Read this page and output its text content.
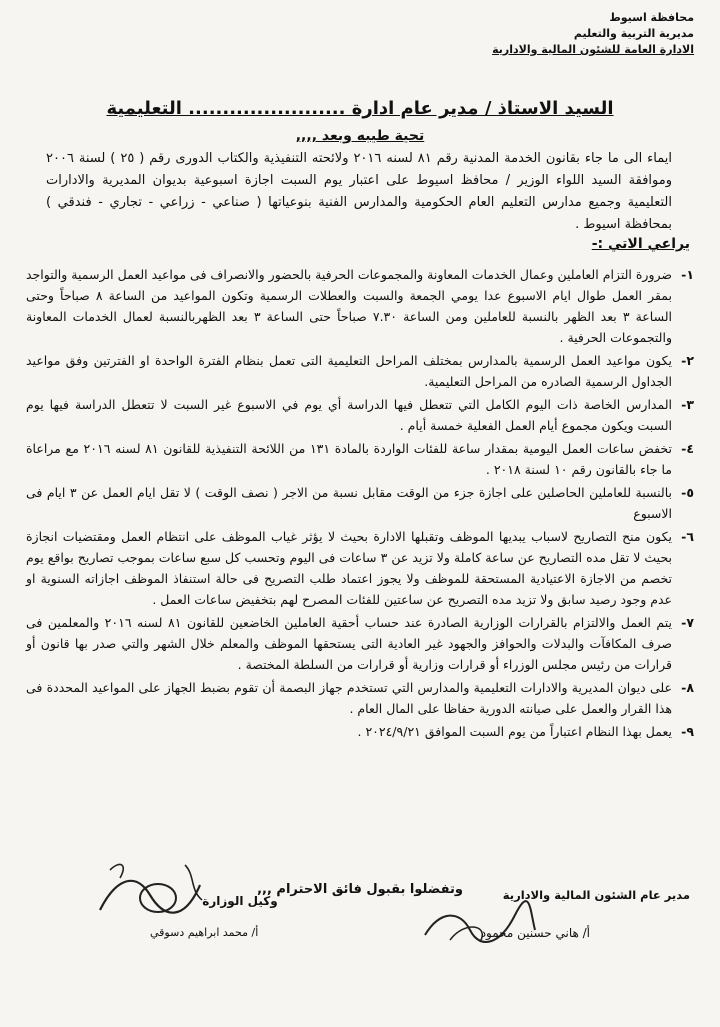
محافظة اسيوط
مديرية التربية والتعليم
الادارة العامة للشئون المالية والادارية
السيد الاستاذ / مدير عام ادارة ....................... التعليمية
تحية طيبه وبعد ,,,,
ايماء الى ما جاء بقانون الخدمة المدنية رقم ٨١ لسنه ٢٠١٦ ولائحته التنفيذية والكتاب الدورى رقم ( ٢٥ ) لسنة ٢٠٠٦ وموافقة السيد اللواء الوزير / محافظ اسيوط على اعتبار يوم السبت اجازة اسبوعية بديوان المديرية والادارات التعليمية وجميع مدارس التعليم العام الحكومية والمدارس الفنية بنوعياتها ( صناعي - زراعي - تجاري - فندقي ) بمحافظة اسيوط .
يراعي الاتي :-
١-
ضرورة التزام العاملين وعمال الخدمات المعاونة والمجموعات الحرفية بالحضور والانصراف فى مواعيد العمل الرسمية والتواجد بمقر العمل طوال ايام الاسبوع عدا يومي الجمعة والسبت والعطلات الرسمية وتكون المواعيد من الساعة ٨ صباحاً وحتى الساعة ٣ بعد الظهر بالنسبة للعاملين ومن الساعة ٧.٣٠ صباحاً حتى الساعة ٣ بعد الظهربالنسبة لعمال الخدمات المعاونة والتجموعات الحرفية .
٢-
يكون مواعيد العمل الرسمية بالمدارس بمختلف المراحل التعليمية التى تعمل بنظام الفترة الواحدة او الفترتين وفق مواعيد الجداول الرسمية الصادره من المراحل التعليمية.
٣-
المدارس الخاصة ذات اليوم الكامل التي تتعطل فيها الدراسة أي يوم في الاسبوع غير السبت لا تتعطل الدراسة فيها يوم السبت ويكون مجموع أيام العمل الفعلية خمسة أيام .
٤-
تخفض ساعات العمل اليومية بمقدار ساعة للفئات الواردة بالمادة ١٣١ من اللائحة التنفيذية للقانون ٨١ لسنه ٢٠١٦ مع مراعاة ما جاء بالقانون رقم ١٠ لسنة ٢٠١٨ .
٥-
بالنسبة للعاملين الحاصلين على اجازة جزء من الوقت مقابل نسبة من الاجر ( نصف الوقت ) لا تقل ايام العمل عن ٣ ايام فى الاسبوع
٦-
يكون منح التصاريح لاسباب يبديها الموظف وتقبلها الادارة بحيث لا يؤثر غياب الموظف على انتظام العمل ومقتضيات انجازة بحيث لا تقل مده التصاريح عن ساعة كاملة ولا تزيد عن ٣ ساعات فى اليوم وتحسب كل سبع ساعات بموجب تصاريح بواقع يوم تخصم من الاجازة الاعتيادية المستحقة للموظف ولا يجوز اعتماد طلب التصريح فى حالة استنفاذ الموظف اجازاته السنوية او عدم وجود رصيد سابق ولا تزيد مده التصريح عن ساعتين للفئات المصرح لهم بتخفيض ساعات العمل .
٧-
يتم العمل والالتزام بالقرارات الوزارية الصادرة عند حساب أحقية العاملين الخاضعين للقانون ٨١ لسنه ٢٠١٦ والمعلمين فى صرف المكافآت والبدلات والحوافز والجهود غير العادية التى يستحقها الموظف والمعلم خلال الشهر والتي صدر بها قانون أو قرارات من رئيس مجلس الوزراء أو قرارات وزارية أو قرارات من السلطة المختصة .
٨-
على ديوان المديرية والادارات التعليمية والمدارس التي تستخدم جهاز البصمة أن تقوم بضبط الجهاز على المواعيد المحددة فى هذا القرار والعمل على صيانته الدورية حفاظا على المال العام .
٩-
يعمل بهذا النظام اعتباراً من يوم السبت الموافق ٢٠٢٤/٩/٢١ .
وتفضلوا بقبول فائق الاحترام ,,,	مدير عام الشئون المالية والادارية
أ/ هاني حسنين محمود
وكيل الوزارة
أ/ محمد ابراهيم دسوقي
